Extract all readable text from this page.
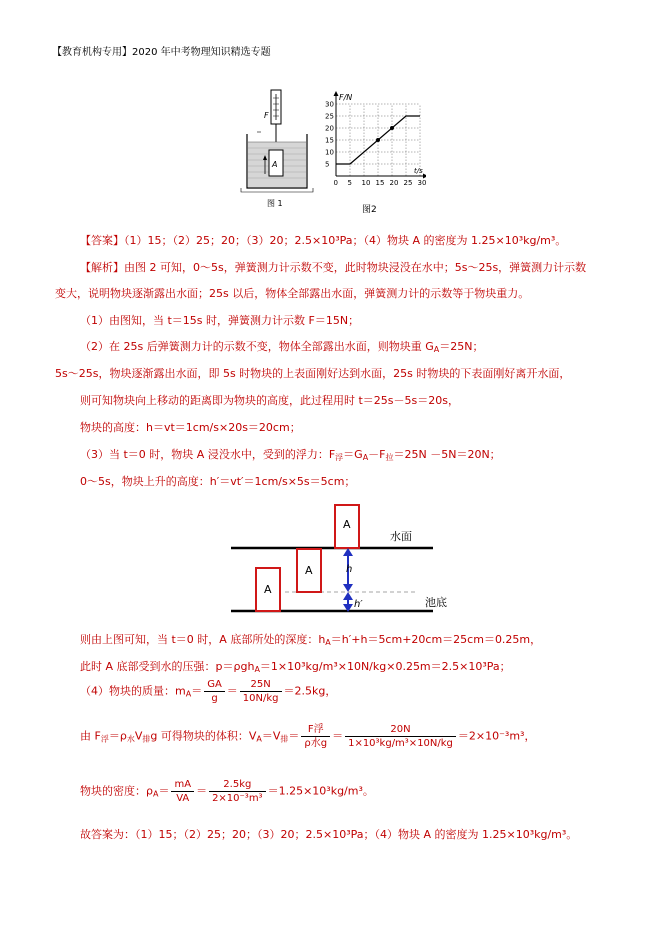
【教育机构专用】2020 年中考物理知识精选专题
F
A
图 1
0 5 10 15 20 25 30
5
10
15
20
25
30
F/N
t/s
图2
【答案】（1）15；（2）25；20；（3）20；2.5×10³Pa；（4）物块 A 的密度为 1.25×10³kg/m³。
【解析】由图 2 可知，0～5s，弹簧测力计示数不变，此时物块浸没在水中；5s～25s，弹簧测力计示数
变大，说明物块逐渐露出水面；25s 以后，物体全部露出水面，弹簧测力计的示数等于物块重力。
（1）由图知，当 t＝15s 时，弹簧测力计示数 F＝15N；
（2）在 25s 后弹簧测力计的示数不变，物体全部露出水面，则物块重 $G_A=25N$；
5s～25s，物块逐渐露出水面，即 5s 时物块的上表面刚好达到水面，25s 时物块的下表面刚好离开水面，
则可知物块向上移动的距离即为物块的高度，此过程用时 t＝25s－5s＝20s，
物块的高度：h＝vt＝1cm/s×20s＝20cm；
（3）当 t＝0 时，物块 A 浸没水中，受到的浮力：$F_浮=G_A-F_拉=25N -5N=20N$；
0～5s，物块上升的高度：h′＝vt′＝1cm/s×5s＝5cm；
A
A
A
h
h′
水面
池底
则由上图可知，当 t＝0 时，A 底部所处的深度：$h_A=h'+h=5cm+20cm=25cm=0.25m$，
此时 A 底部受到水的压强：p＝ρgh$_A$＝1×10³kg/m³×10N/kg×0.25m＝2.5×10³Pa；
（4）物块的质量：$m_A= \frac{GA}{g} = \frac{25N}{10N/kg} =2.5kg$，
由 $F_浮=\rho_水V_排g$ 可得物块的体积：$V_A=V_排= \frac{\text{F浮}}{\text{ρ水g}} = \frac{20N}{\text{1×10³kg/m³×10N/kg}} =2\times 10^{-3}m^3$，
物块的密度：$\rho_A= \frac{mA}{VA} = \frac{2.5kg}{\text{2×10⁻³m³}} =1.25\times 10^3kg/m^3$。
故答案为：（1）15；（2）25；20；（3）20；2.5×10³Pa；（4）物块 A 的密度为 1.25×10³kg/m³。
